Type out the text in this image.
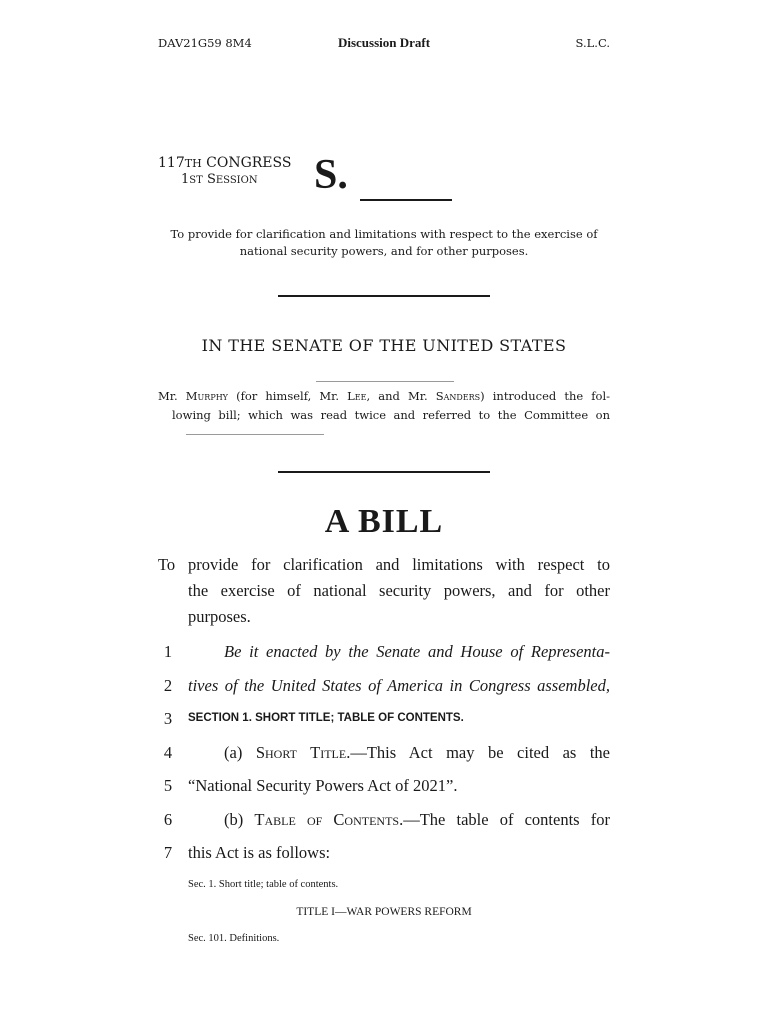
DAV21G59 8M4	Discussion Draft	S.L.C.
117TH CONGRESS
1ST SESSION S.
To provide for clarification and limitations with respect to the exercise of
national security powers, and for other purposes.
IN THE SENATE OF THE UNITED STATES
Mr. Murphy (for himself, Mr. Lee, and Mr. Sanders) introduced the fol-
lowing bill; which was read twice and referred to the Committee on
A BILL
To provide for clarification and limitations with respect to
the exercise of national security powers, and for other
purposes.
1	Be it enacted by the Senate and House of Representa-
2 tives of the United States of America in Congress assembled,
3	SECTION 1. SHORT TITLE; TABLE OF CONTENTS.
4	(a) Short Title.—This Act may be cited as the
5 “National Security Powers Act of 2021”.
6	(b) Table of Contents.—The table of contents for
7 this Act is as follows:
Sec. 1. Short title; table of contents.
TITLE I—WAR POWERS REFORM
Sec. 101. Definitions.
